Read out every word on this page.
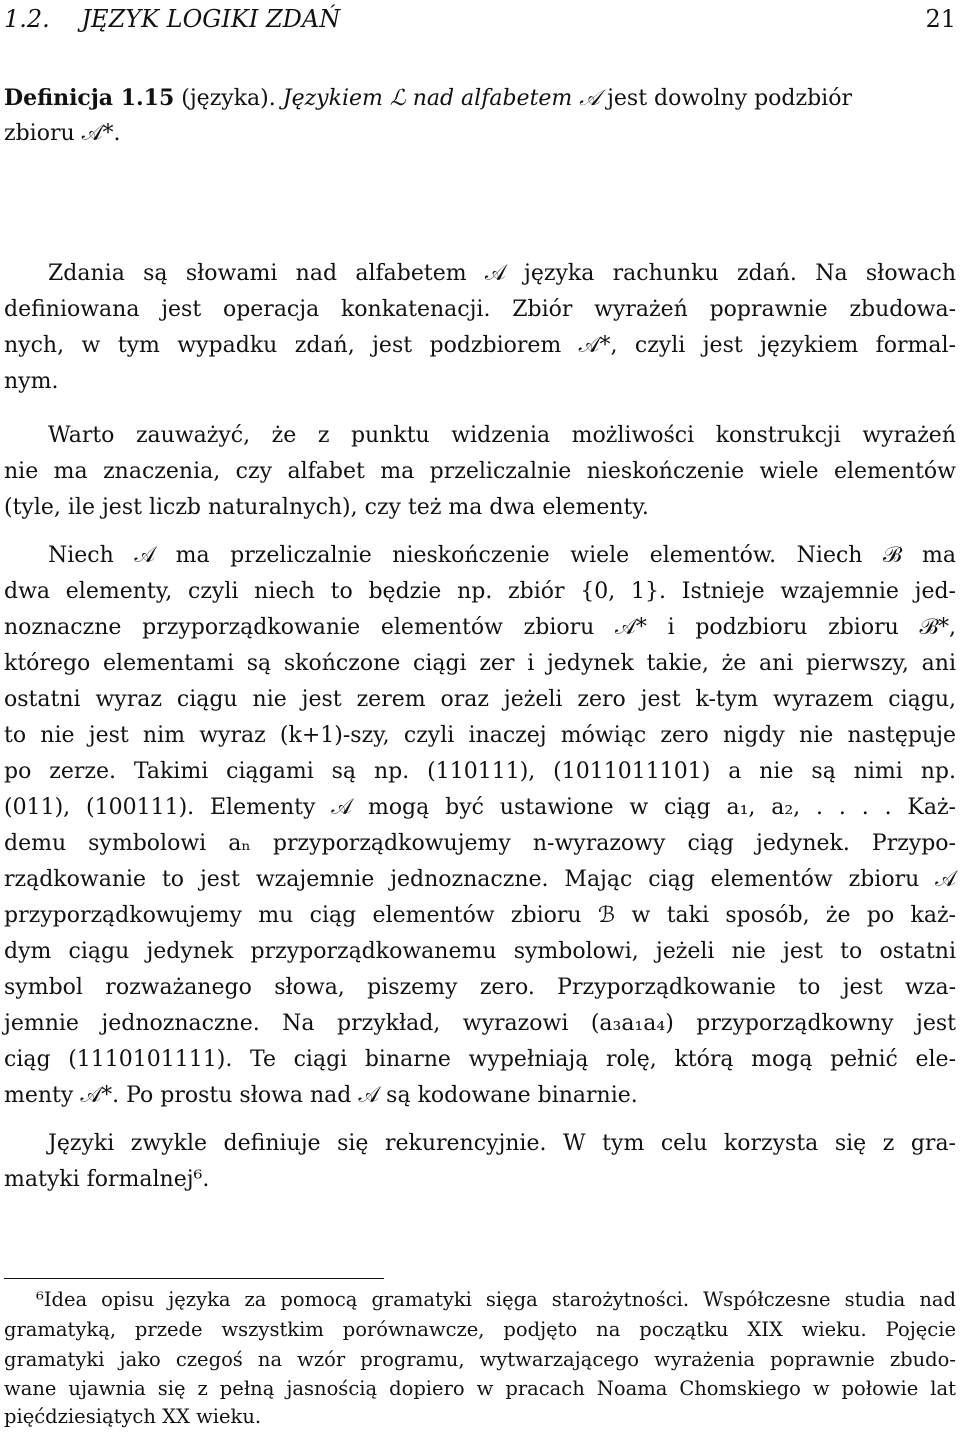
1.2. JĘZYK LOGIKI ZDAŃ	21
Definicja 1.15 (języka). Językiem ℒ nad alfabetem 𝒜 jest dowolny podzbiór
zbioru 𝒜*.
Zdania są słowami nad alfabetem 𝒜 języka rachunku zdań. Na słowach
definiowana jest operacja konkatenacji. Zbiór wyrażeń poprawnie zbudowa-
nych, w tym wypadku zdań, jest podzbiorem 𝒜*, czyli jest językiem formal-
nym.
Warto zauważyć, że z punktu widzenia możliwości konstrukcji wyrażeń
nie ma znaczenia, czy alfabet ma przeliczalnie nieskończenie wiele elementów
(tyle, ile jest liczb naturalnych), czy też ma dwa elementy.
Niech 𝒜 ma przeliczalnie nieskończenie wiele elementów. Niech ℬ ma
dwa elementy, czyli niech to będzie np. zbiór {0, 1}. Istnieje wzajemnie jed-
noznaczne przyporządkowanie elementów zbioru 𝒜* i podzbioru zbioru ℬ*,
którego elementami są skończone ciągi zer i jedynek takie, że ani pierwszy, ani
ostatni wyraz ciągu nie jest zerem oraz jeżeli zero jest k-tym wyrazem ciągu,
to nie jest nim wyraz (k+1)-szy, czyli inaczej mówiąc zero nigdy nie następuje
po zerze. Takimi ciągami są np. (110111), (1011011101) a nie są nimi np.
(011), (100111). Elementy 𝒜 mogą być ustawione w ciąg a₁, a₂, . . . . Każ-
demu symbolowi aₙ przyporządkowujemy n-wyrazowy ciąg jedynek. Przypo-
rządkowanie to jest wzajemnie jednoznaczne. Mając ciąg elementów zbioru 𝒜
przyporządkowujemy mu ciąg elementów zbioru ℬ w taki sposób, że po każ-
dym ciągu jedynek przyporządkowanemu symbolowi, jeżeli nie jest to ostatni
symbol rozważanego słowa, piszemy zero. Przyporządkowanie to jest wza-
jemnie jednoznaczne. Na przykład, wyrazowi (a₃a₁a₄) przyporządkowny jest
ciąg (1110101111). Te ciągi binarne wypełniają rolę, którą mogą pełnić ele-
menty 𝒜*. Po prostu słowa nad 𝒜 są kodowane binarnie.
Języki zwykle definiuje się rekurencyjnie. W tym celu korzysta się z gra-
matyki formalnej⁶.
⁶Idea opisu języka za pomocą gramatyki sięga starożytności. Współczesne studia nad
gramatyką, przede wszystkim porównawcze, podjęto na początku XIX wieku. Pojęcie
gramatyki jako czegoś na wzór programu, wytwarzającego wyrażenia poprawnie zbudo-
wane ujawnia się z pełną jasnością dopiero w pracach Noama Chomskiego w połowie lat
pięćdziesiątych XX wieku.
